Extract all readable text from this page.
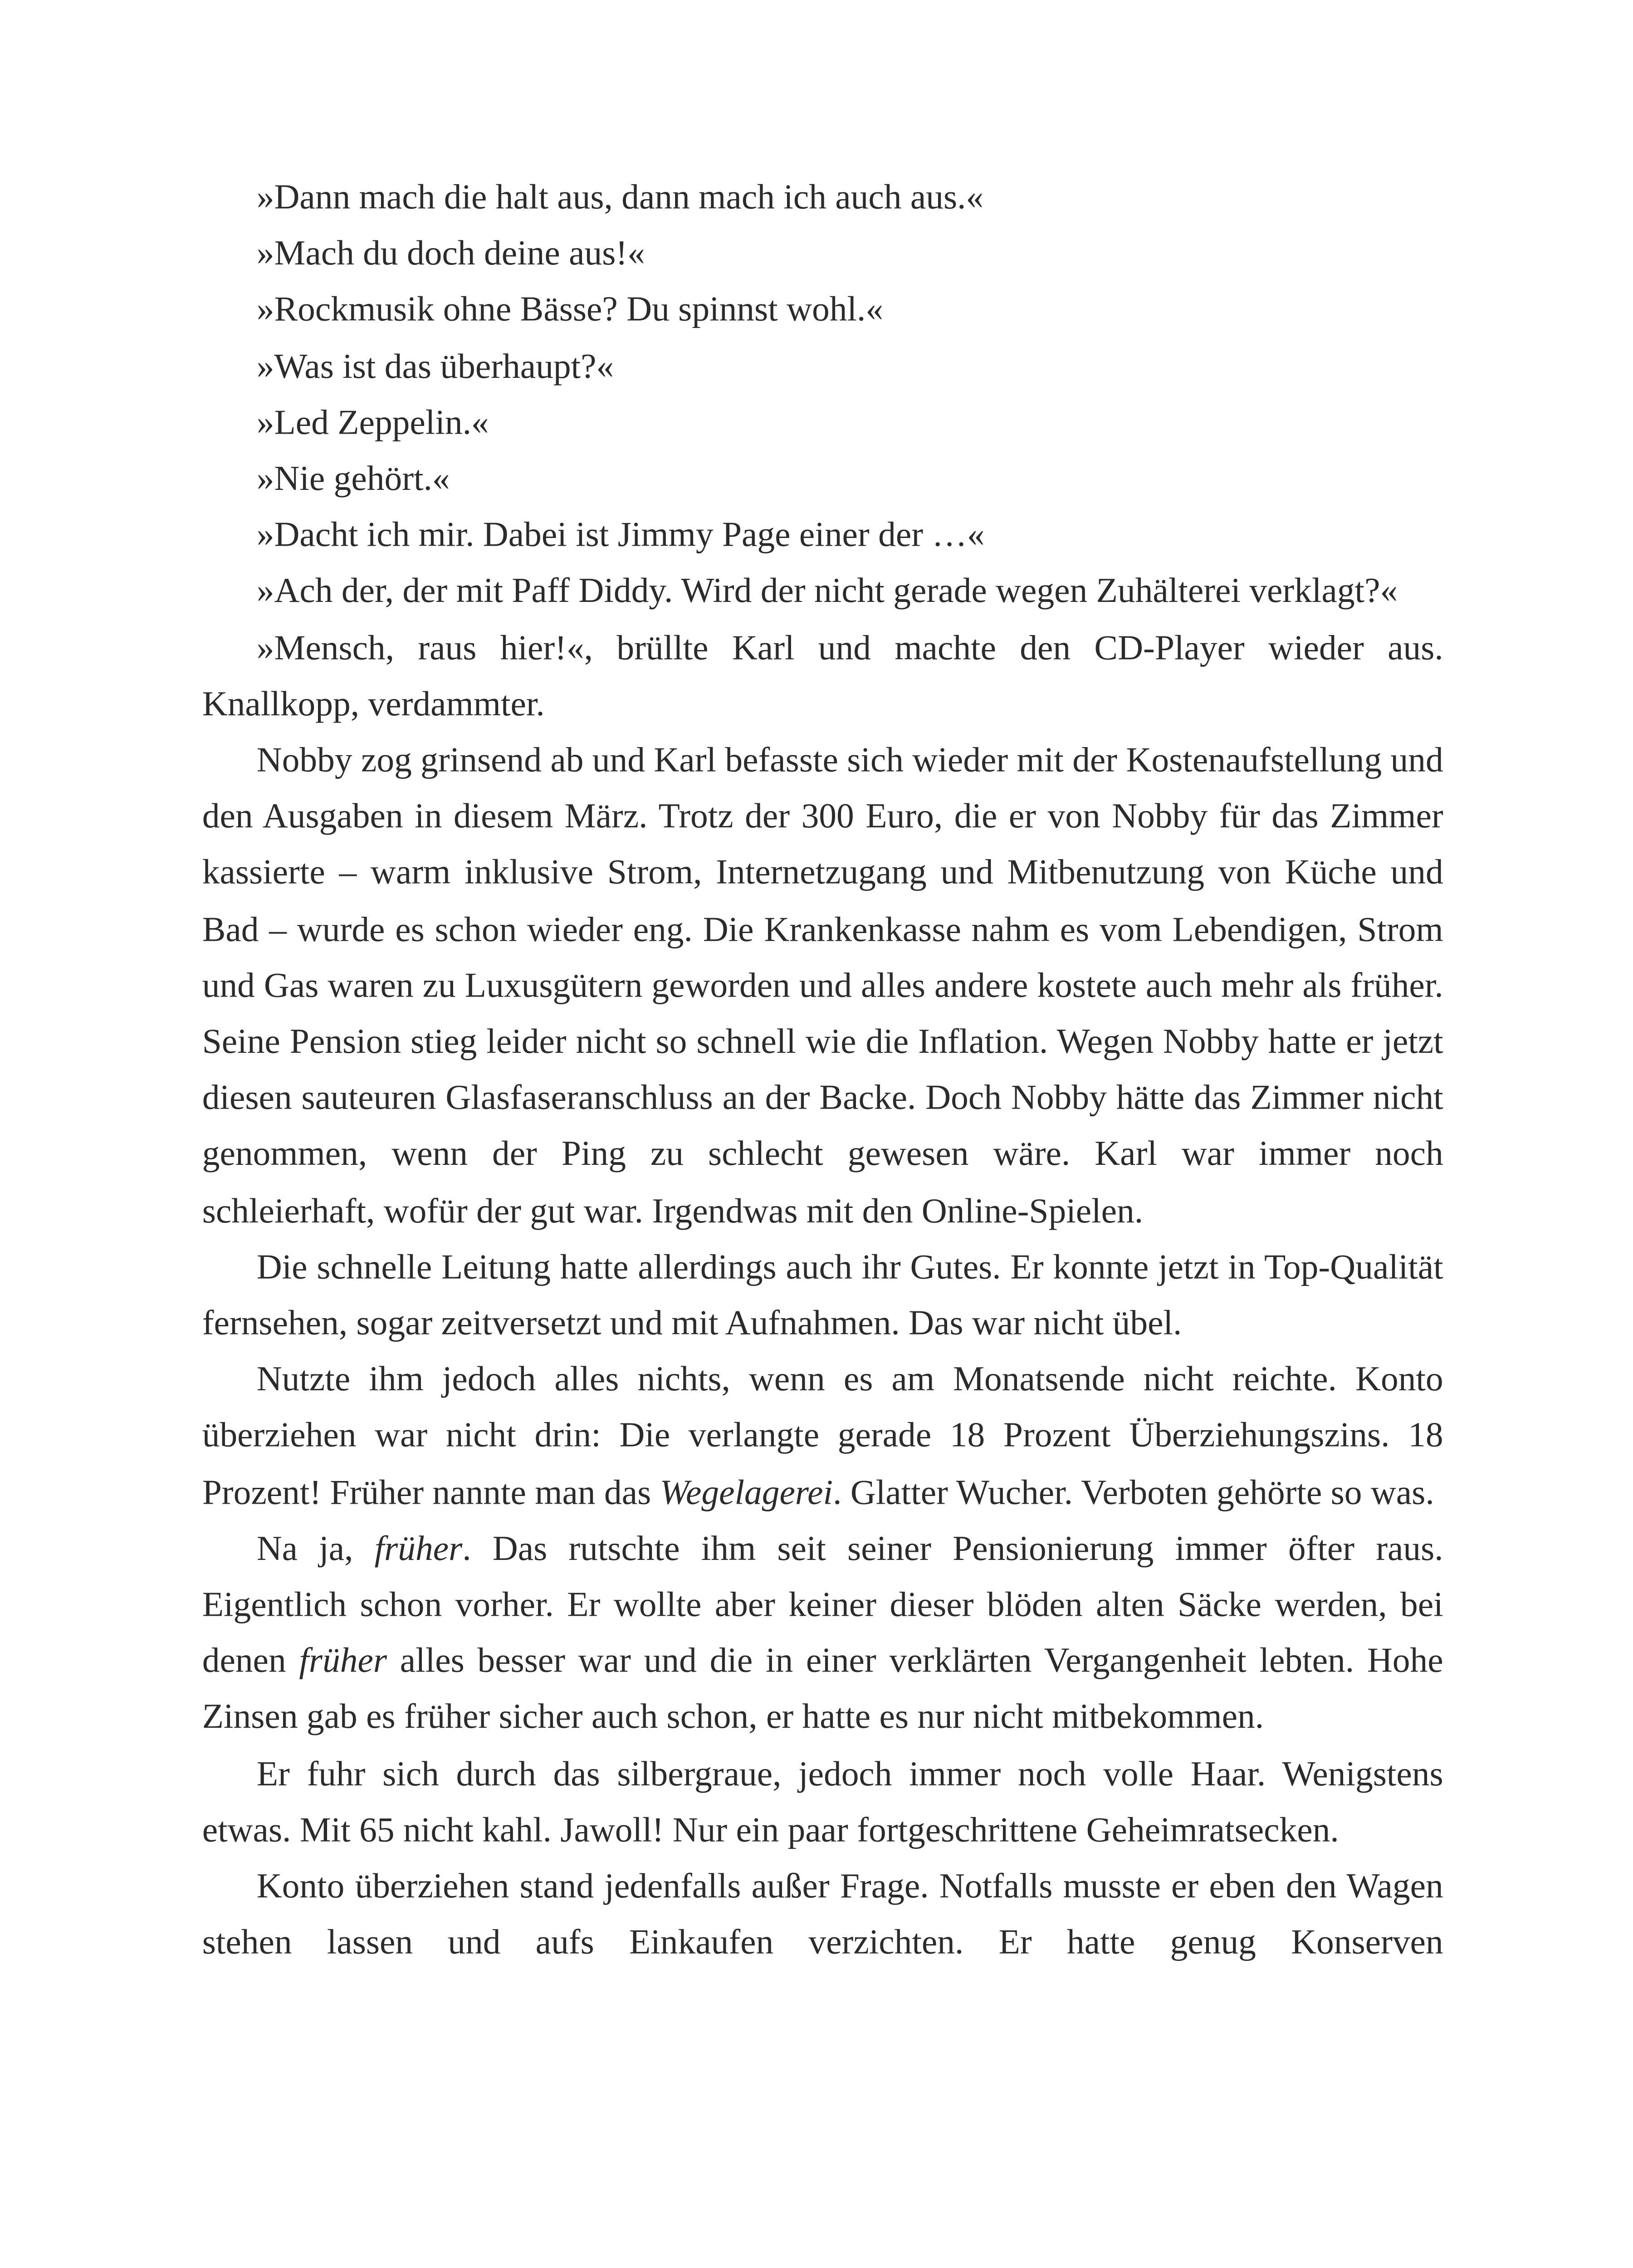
»Dann mach die halt aus, dann mach ich auch aus.«

»Mach du doch deine aus!«

»Rockmusik ohne Bässe? Du spinnst wohl.«

»Was ist das überhaupt?«

»Led Zeppelin.«

»Nie gehört.«

»Dacht ich mir. Dabei ist Jimmy Page einer der …«

»Ach der, der mit Paff Diddy. Wird der nicht gerade wegen Zuhälterei verklagt?«

»Mensch, raus hier!«, brüllte Karl und machte den CD-Player wieder aus. Knallkopp, verdammter.

Nobby zog grinsend ab und Karl befasste sich wieder mit der Kostenaufstellung und den Ausgaben in diesem März. Trotz der 300 Euro, die er von Nobby für das Zimmer kassierte – warm inklusive Strom, Internetzugang und Mitbenutzung von Küche und Bad – wurde es schon wieder eng. Die Krankenkasse nahm es vom Lebendigen, Strom und Gas waren zu Luxusgütern geworden und alles andere kostete auch mehr als früher. Seine Pension stieg leider nicht so schnell wie die Inflation. Wegen Nobby hatte er jetzt diesen sauteuren Glasfaseranschluss an der Backe. Doch Nobby hätte das Zimmer nicht genommen, wenn der Ping zu schlecht gewesen wäre. Karl war immer noch schleierhaft, wofür der gut war. Irgendwas mit den Online-Spielen.

Die schnelle Leitung hatte allerdings auch ihr Gutes. Er konnte jetzt in Top-Qualität fernsehen, sogar zeitversetzt und mit Aufnahmen. Das war nicht übel.

Nutzte ihm jedoch alles nichts, wenn es am Monatsende nicht reichte. Konto überziehen war nicht drin: Die verlangte gerade 18 Prozent Überziehungszins. 18 Prozent! Früher nannte man das Wegelagerei. Glatter Wucher. Verboten gehörte so was.

Na ja, früher. Das rutschte ihm seit seiner Pensionierung immer öfter raus. Eigentlich schon vorher. Er wollte aber keiner dieser blöden alten Säcke werden, bei denen früher alles besser war und die in einer verklärten Vergangenheit lebten. Hohe Zinsen gab es früher sicher auch schon, er hatte es nur nicht mitbekommen.

Er fuhr sich durch das silbergraue, jedoch immer noch volle Haar. Wenigstens etwas. Mit 65 nicht kahl. Jawoll! Nur ein paar fortgeschrittene Geheimratsecken.

Konto überziehen stand jedenfalls außer Frage. Notfalls musste er eben den Wagen stehen lassen und aufs Einkaufen verzichten. Er hatte genug Konserven
